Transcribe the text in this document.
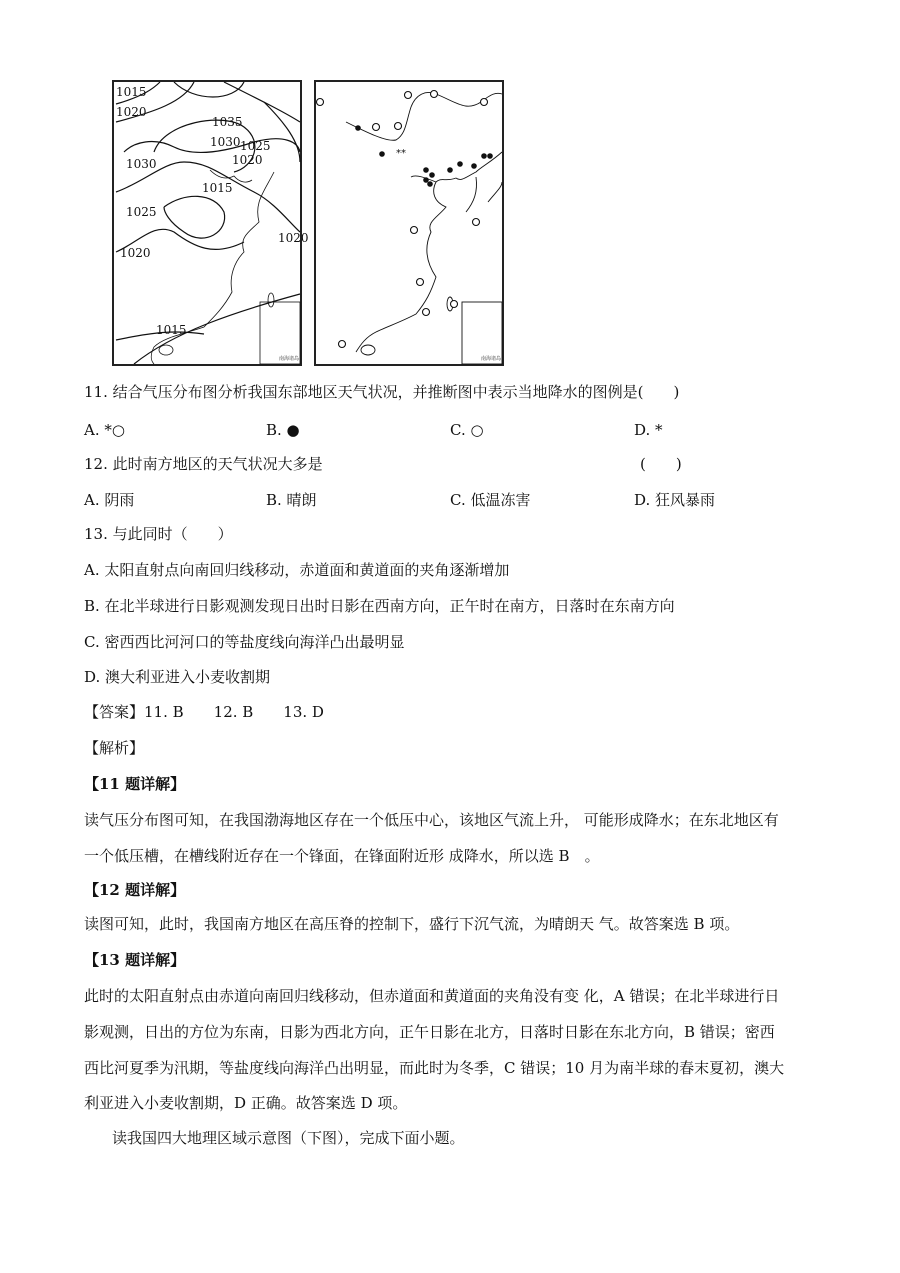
1015
1020
1035
1030 1025
1020
1030
1015
1025
1020
1020
1015
南海诸岛
**
南海诸岛
11. 结合气压分布图分析我国东部地区天气状况，并推断图中表示当地降水的图例是(　　)
A. *○	B. ●	C. ○	D. *
12. 此时南方地区的天气状况大多是	(　　)
A. 阴雨	B. 晴朗	C. 低温冻害	D. 狂风暴雨
13. 与此同时（　　）
A. 太阳直射点向南回归线移动，赤道面和黄道面的夹角逐渐增加
B. 在北半球进行日影观测发现日出时日影在西南方向，正午时在南方，日落时在东南方向
C. 密西西比河河口的等盐度线向海洋凸出最明显
D. 澳大利亚进入小麦收割期
【答案】11. B　　12. B　　13. D
【解析】
【11 题详解】
读气压分布图可知，在我国渤海地区存在一个低压中心，该地区气流上升， 可能形成降水；在东北地区有
一个低压槽，在槽线附近存在一个锋面，在锋面附近形 成降水，所以选 B　。
【12 题详解】
读图可知，此时，我国南方地区在高压脊的控制下，盛行下沉气流，为晴朗天 气。故答案选 B 项。
【13 题详解】
此时的太阳直射点由赤道向南回归线移动，但赤道面和黄道面的夹角没有变 化，A 错误；在北半球进行日
影观测，日出的方位为东南，日影为西北方向，正午日影在北方，日落时日影在东北方向，B 错误；密西
西比河夏季为汛期，等盐度线向海洋凸出明显，而此时为冬季，C 错误；10 月为南半球的春末夏初，澳大
利亚进入小麦收割期，D 正确。故答案选 D 项。
读我国四大地理区域示意图（下图），完成下面小题。
